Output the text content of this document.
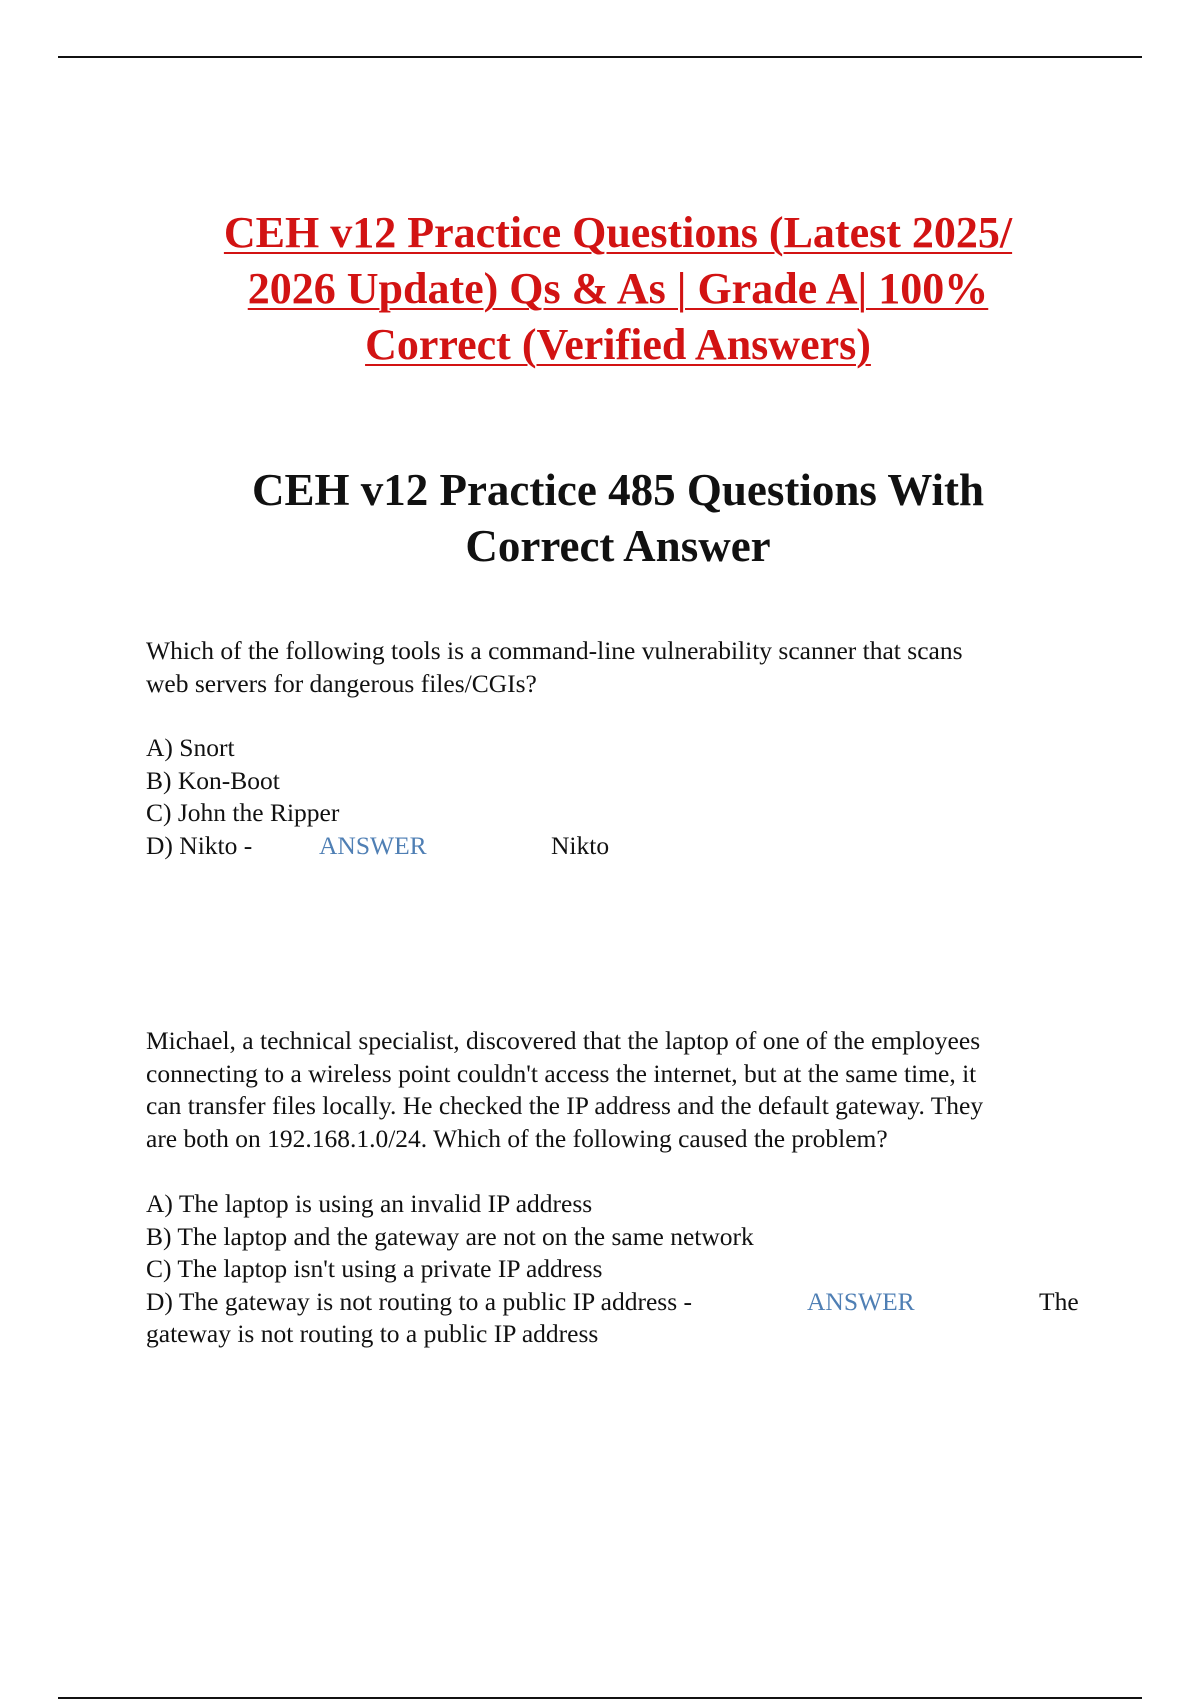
CEH v12 Practice Questions (Latest 2025/
2026 Update) Qs & As | Grade A| 100%
Correct (Verified Answers)
CEH v12 Practice 485 Questions With
Correct Answer
Which of the following tools is a command-line vulnerability scanner that scans
web servers for dangerous files/CGIs?
A) Snort
B) Kon-Boot
C) John the Ripper
D) Nikto -	ANSWER	Nikto
Michael, a technical specialist, discovered that the laptop of one of the employees
connecting to a wireless point couldn't access the internet, but at the same time, it
can transfer files locally. He checked the IP address and the default gateway. They
are both on 192.168.1.0/24. Which of the following caused the problem?
A) The laptop is using an invalid IP address
B) The laptop and the gateway are not on the same network
C) The laptop isn't using a private IP address
D) The gateway is not routing to a public IP address -	ANSWER	The
gateway is not routing to a public IP address
